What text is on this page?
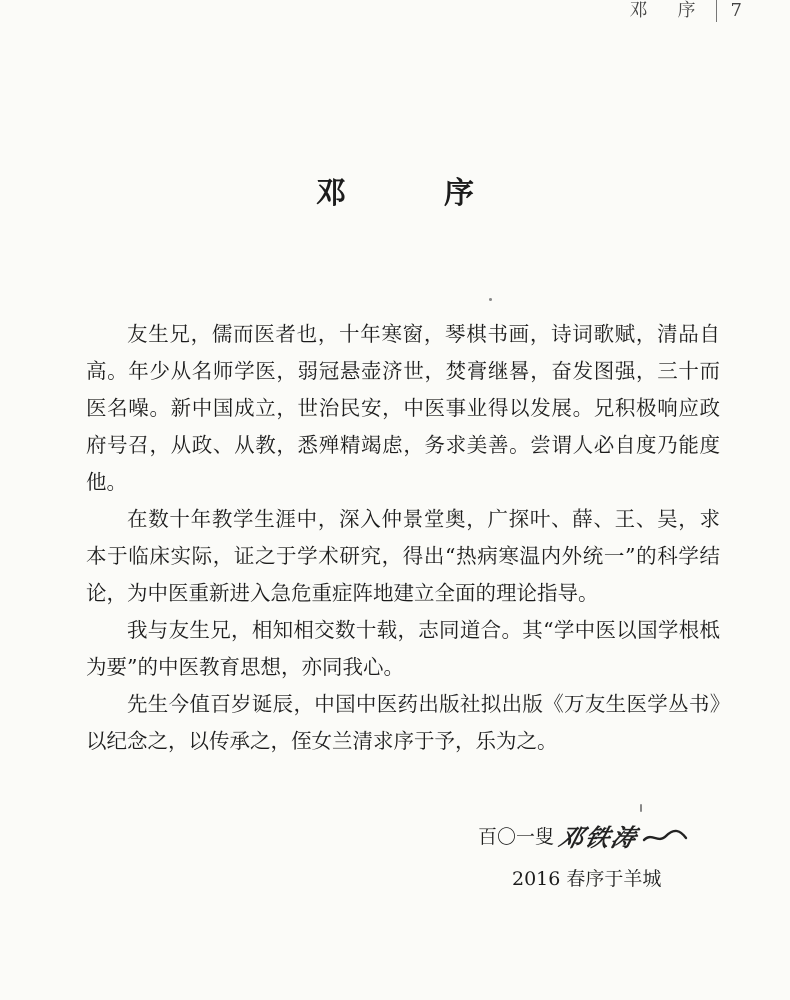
邓　序 7
邓　序

友生兄，儒而医者也，十年寒窗，琴棋书画，诗词歌赋，清品自高。年少从名师学医，弱冠悬壶济世，焚膏继晷，奋发图强，三十而医名噪。新中国成立，世治民安，中医事业得以发展。兄积极响应政府号召，从政、从教，悉殚精竭虑，务求美善。尝谓人必自度乃能度他。

在数十年教学生涯中，深入仲景堂奥，广探叶、薛、王、吴，求本于临床实际，证之于学术研究，得出“热病寒温内外统一”的科学结论，为中医重新进入急危重症阵地建立全面的理论指导。

我与友生兄，相知相交数十载，志同道合。其“学中医以国学根柢为要”的中医教育思想，亦同我心。

先生今值百岁诞辰，中国中医药出版社拟出版《万友生医学丛书》以纪念之，以传承之，侄女兰清求序于予，乐为之。

百〇一叟 邓铁涛
2016 春序于羊城
